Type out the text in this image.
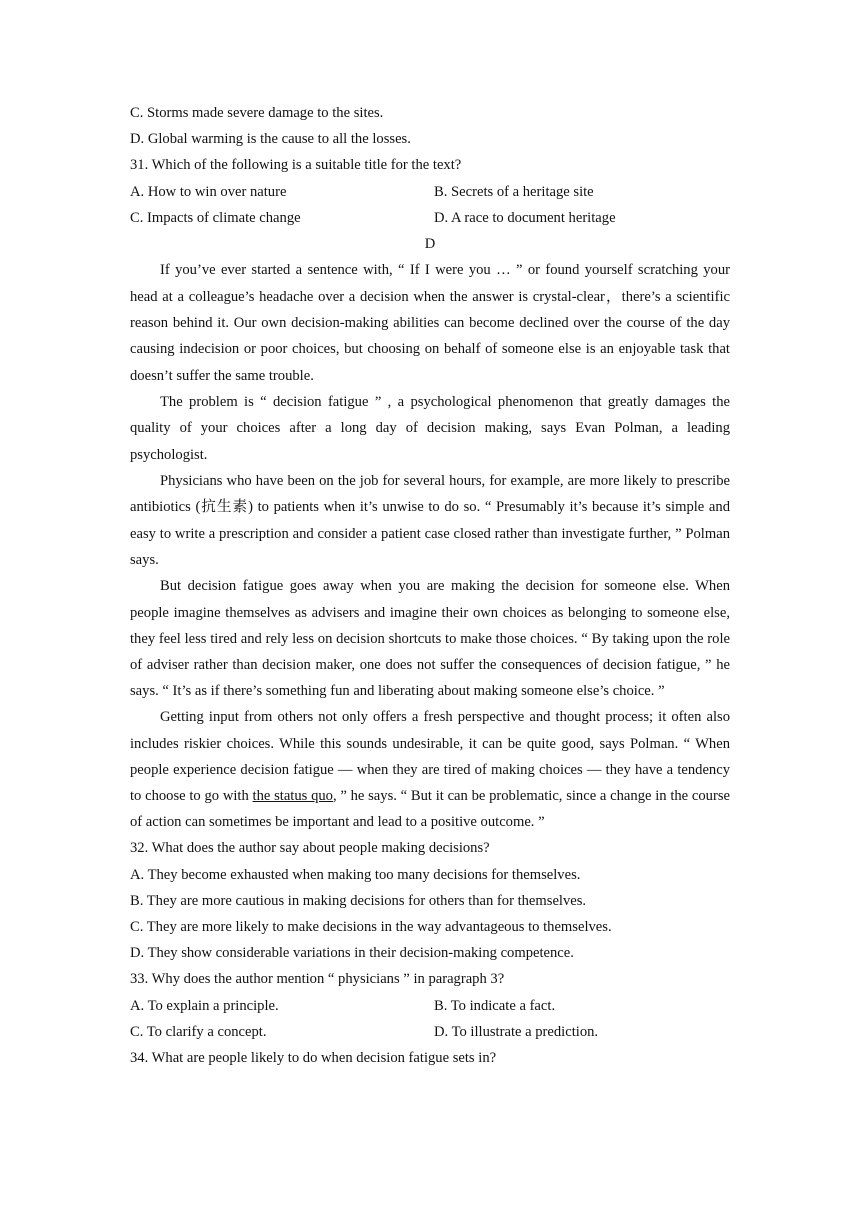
C. Storms made severe damage to the sites.
D. Global warming is the cause to all the losses.
31. Which of the following is a suitable title for the text?
A. How to win over nature	B. Secrets of a heritage site
C. Impacts of climate change	D. A race to document heritage
D
If you’ve ever started a sentence with, “ If I were you … ” or found yourself scratching your head at a colleague’s headache over a decision when the answer is crystal-clear，there’s a scientific reason behind it. Our own decision-making abilities can become declined over the course of the day causing indecision or poor choices, but choosing on behalf of someone else is an enjoyable task that doesn’t suffer the same trouble.
The problem is “ decision fatigue ” , a psychological phenomenon that greatly damages the quality of your choices after a long day of decision making, says Evan Polman, a leading psychologist.
Physicians who have been on the job for several hours, for example, are more likely to prescribe antibiotics (抗生素) to patients when it’s unwise to do so. “ Presumably it’s because it’s simple and easy to write a prescription and consider a patient case closed rather than investigate further, ” Polman says.
But decision fatigue goes away when you are making the decision for someone else. When people imagine themselves as advisers and imagine their own choices as belonging to someone else, they feel less tired and rely less on decision shortcuts to make those choices. “ By taking upon the role of adviser rather than decision maker, one does not suffer the consequences of decision fatigue, ” he says. “ It’s as if there’s something fun and liberating about making someone else’s choice. ”
Getting input from others not only offers a fresh perspective and thought process; it often also includes riskier choices. While this sounds undesirable, it can be quite good, says Polman. “ When people experience decision fatigue — when they are tired of making choices — they have a tendency to choose to go with the status quo, ” he says. “ But it can be problematic, since a change in the course of action can sometimes be important and lead to a positive outcome. ”
32. What does the author say about people making decisions?
A. They become exhausted when making too many decisions for themselves.
B. They are more cautious in making decisions for others than for themselves.
C. They are more likely to make decisions in the way advantageous to themselves.
D. They show considerable variations in their decision-making competence.
33. Why does the author mention “ physicians ” in paragraph 3?
A. To explain a principle.	B. To indicate a fact.
C. To clarify a concept.	D. To illustrate a prediction.
34. What are people likely to do when decision fatigue sets in?
